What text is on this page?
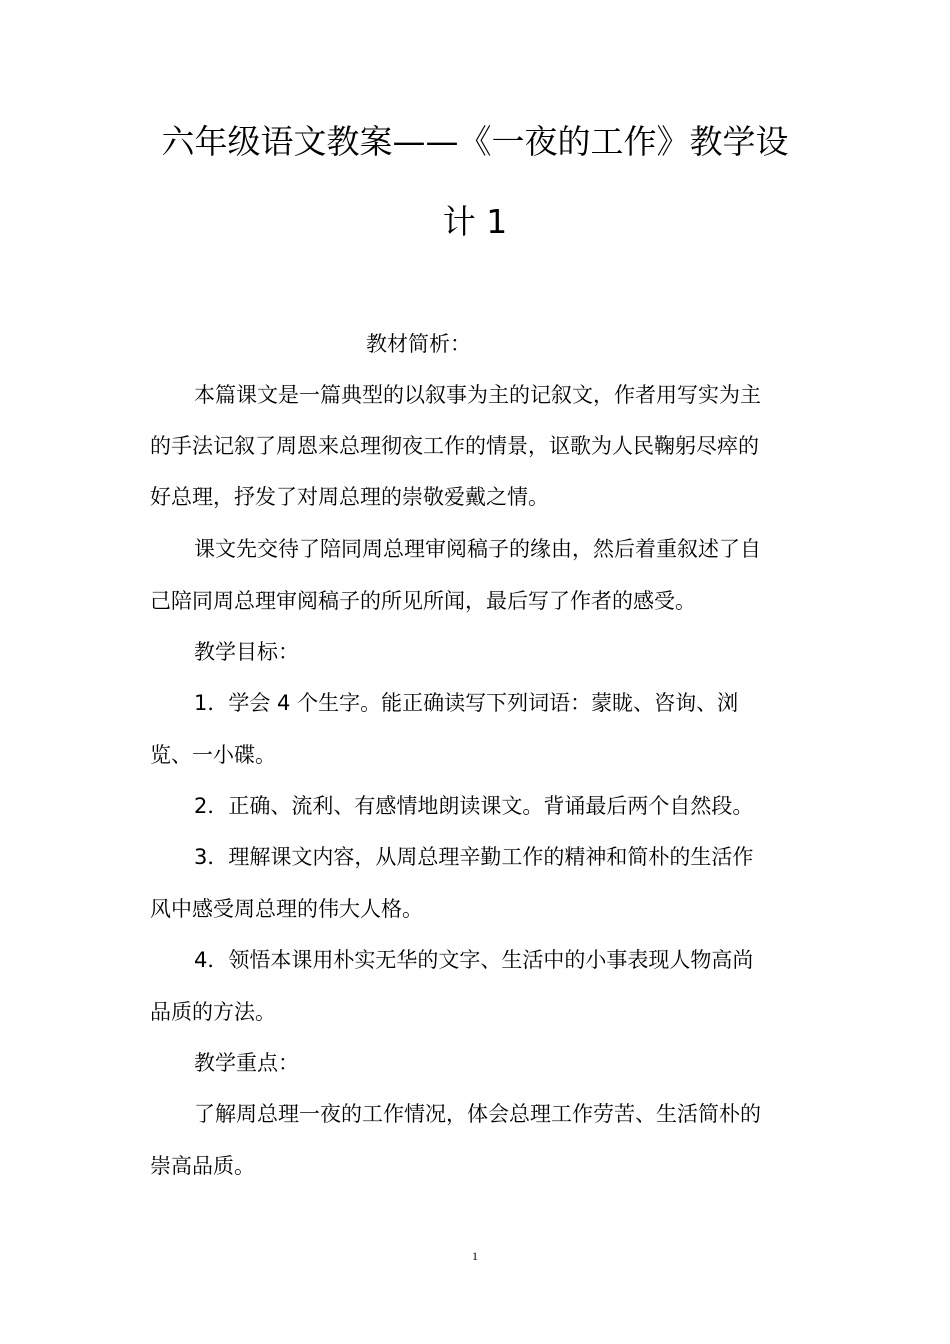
六年级语文教案——《一夜的工作》教学设
计 1

教材简析：

本篇课文是一篇典型的以叙事为主的记叙文，作者用写实为主

的手法记叙了周恩来总理彻夜工作的情景，讴歌为人民鞠躬尽瘁的

好总理，抒发了对周总理的崇敬爱戴之情。

课文先交待了陪同周总理审阅稿子的缘由，然后着重叙述了自

己陪同周总理审阅稿子的所见所闻，最后写了作者的感受。

教学目标：

1．学会 4 个生字。能正确读写下列词语：蒙眬、咨询、浏

览、一小碟。

2．正确、流利、有感情地朗读课文。背诵最后两个自然段。

3．理解课文内容，从周总理辛勤工作的精神和简朴的生活作

风中感受周总理的伟大人格。

4．领悟本课用朴实无华的文字、生活中的小事表现人物高尚

品质的方法。

教学重点：

了解周总理一夜的工作情况，体会总理工作劳苦、生活简朴的

崇高品质。

1
